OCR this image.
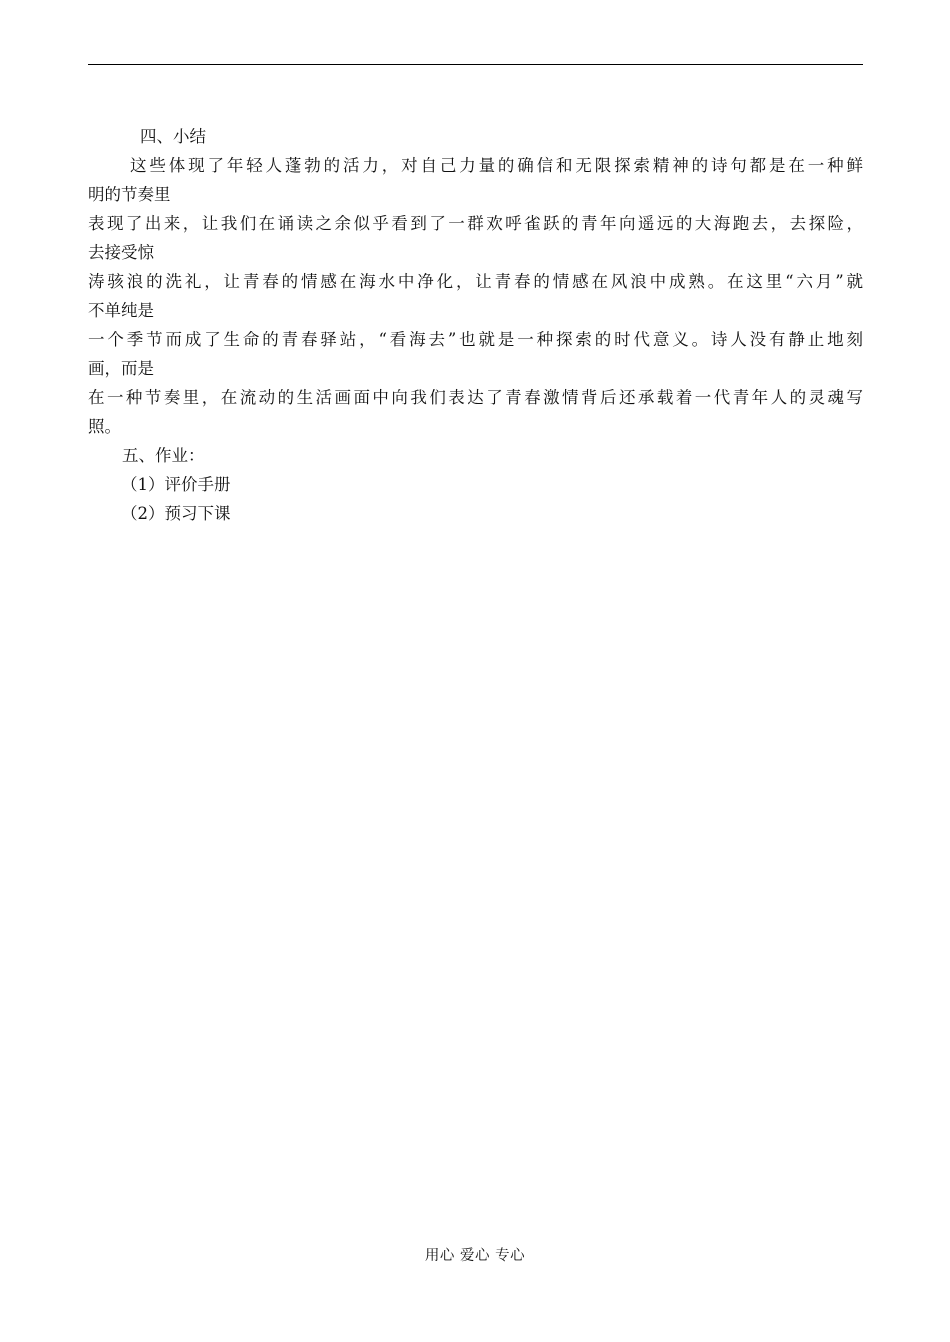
四、小结
这些体现了年轻人蓬勃的活力，对自己力量的确信和无限探索精神的诗句都是在一种鲜
明的节奏里
表现了出来，让我们在诵读之余似乎看到了一群欢呼雀跃的青年向遥远的大海跑去，去探险，
去接受惊
涛骇浪的洗礼，让青春的情感在海水中净化，让青春的情感在风浪中成熟。在这里“六月”就
不单纯是
一个季节而成了生命的青春驿站，“看海去”也就是一种探索的时代意义。诗人没有静止地刻
画，而是
在一种节奏里，在流动的生活画面中向我们表达了青春激情背后还承载着一代青年人的灵魂写
照。
五、作业：
（1）评价手册
（2）预习下课
用心 爱心 专心
